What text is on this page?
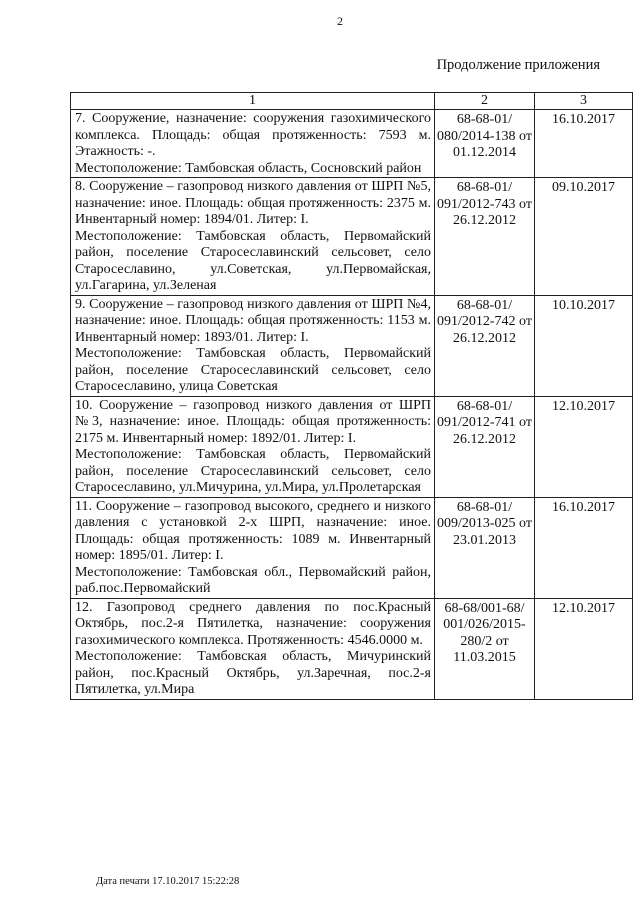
2
Продолжение приложения
1	2	3

7. Сооружение, назначение: сооружения газохимического комплекса. Площадь: общая протяженность: 7593 м. Этажность: -.
Местоположение: Тамбовская область, Сосновский район	68-68-01/ 080/2014-138 от 01.12.2014	16.10.2017

8. Сооружение – газопровод низкого давления от ШРП №5, назначение: иное. Площадь: общая протяженность: 2375 м. Инвентарный номер: 1894/01. Литер: I.
Местоположение: Тамбовская область, Первомайский район, поселение Старосеславинский сельсовет, село Старосеславино, ул.Советская, ул.Первомайская, ул.Гагарина, ул.Зеленая	68-68-01/ 091/2012-743 от 26.12.2012	09.10.2017

9. Сооружение – газопровод низкого давления от ШРП №4, назначение: иное. Площадь: общая протяженность: 1153 м. Инвентарный номер: 1893/01. Литер: I.
Местоположение: Тамбовская область, Первомайский район, поселение Старосеславинский сельсовет, село Старосеславино, улица Советская	68-68-01/ 091/2012-742 от 26.12.2012	10.10.2017

10. Сооружение – газопровод низкого давления от ШРП №3, назначение: иное. Площадь: общая протяженность: 2175 м. Инвентарный номер: 1892/01. Литер: I.
Местоположение: Тамбовская область, Первомайский район, поселение Старосеславинский сельсовет, село Старосеславино, ул.Мичурина, ул.Мира, ул.Пролетарская	68-68-01/ 091/2012-741 от 26.12.2012	12.10.2017

11. Сооружение – газопровод высокого, среднего и низкого давления с установкой 2-х ШРП, назначение: иное. Площадь: общая протяженность: 1089 м. Инвентарный номер: 1895/01. Литер: I.
Местоположение: Тамбовская обл., Первомайский район, раб.пос.Первомайский	68-68-01/ 009/2013-025 от 23.01.2013	16.10.2017

12. Газопровод среднего давления по пос.Красный Октябрь, пос.2-я Пятилетка, назначение: сооружения газохимического комплекса. Протяженность: 4546.0000 м.
Местоположение: Тамбовская область, Мичуринский район, пос.Красный Октябрь, ул.Заречная, пос.2-я Пятилетка, ул.Мира	68-68/001-68/ 001/026/2015-280/2 от 11.03.2015	12.10.2017
Дата печати 17.10.2017 15:22:28
